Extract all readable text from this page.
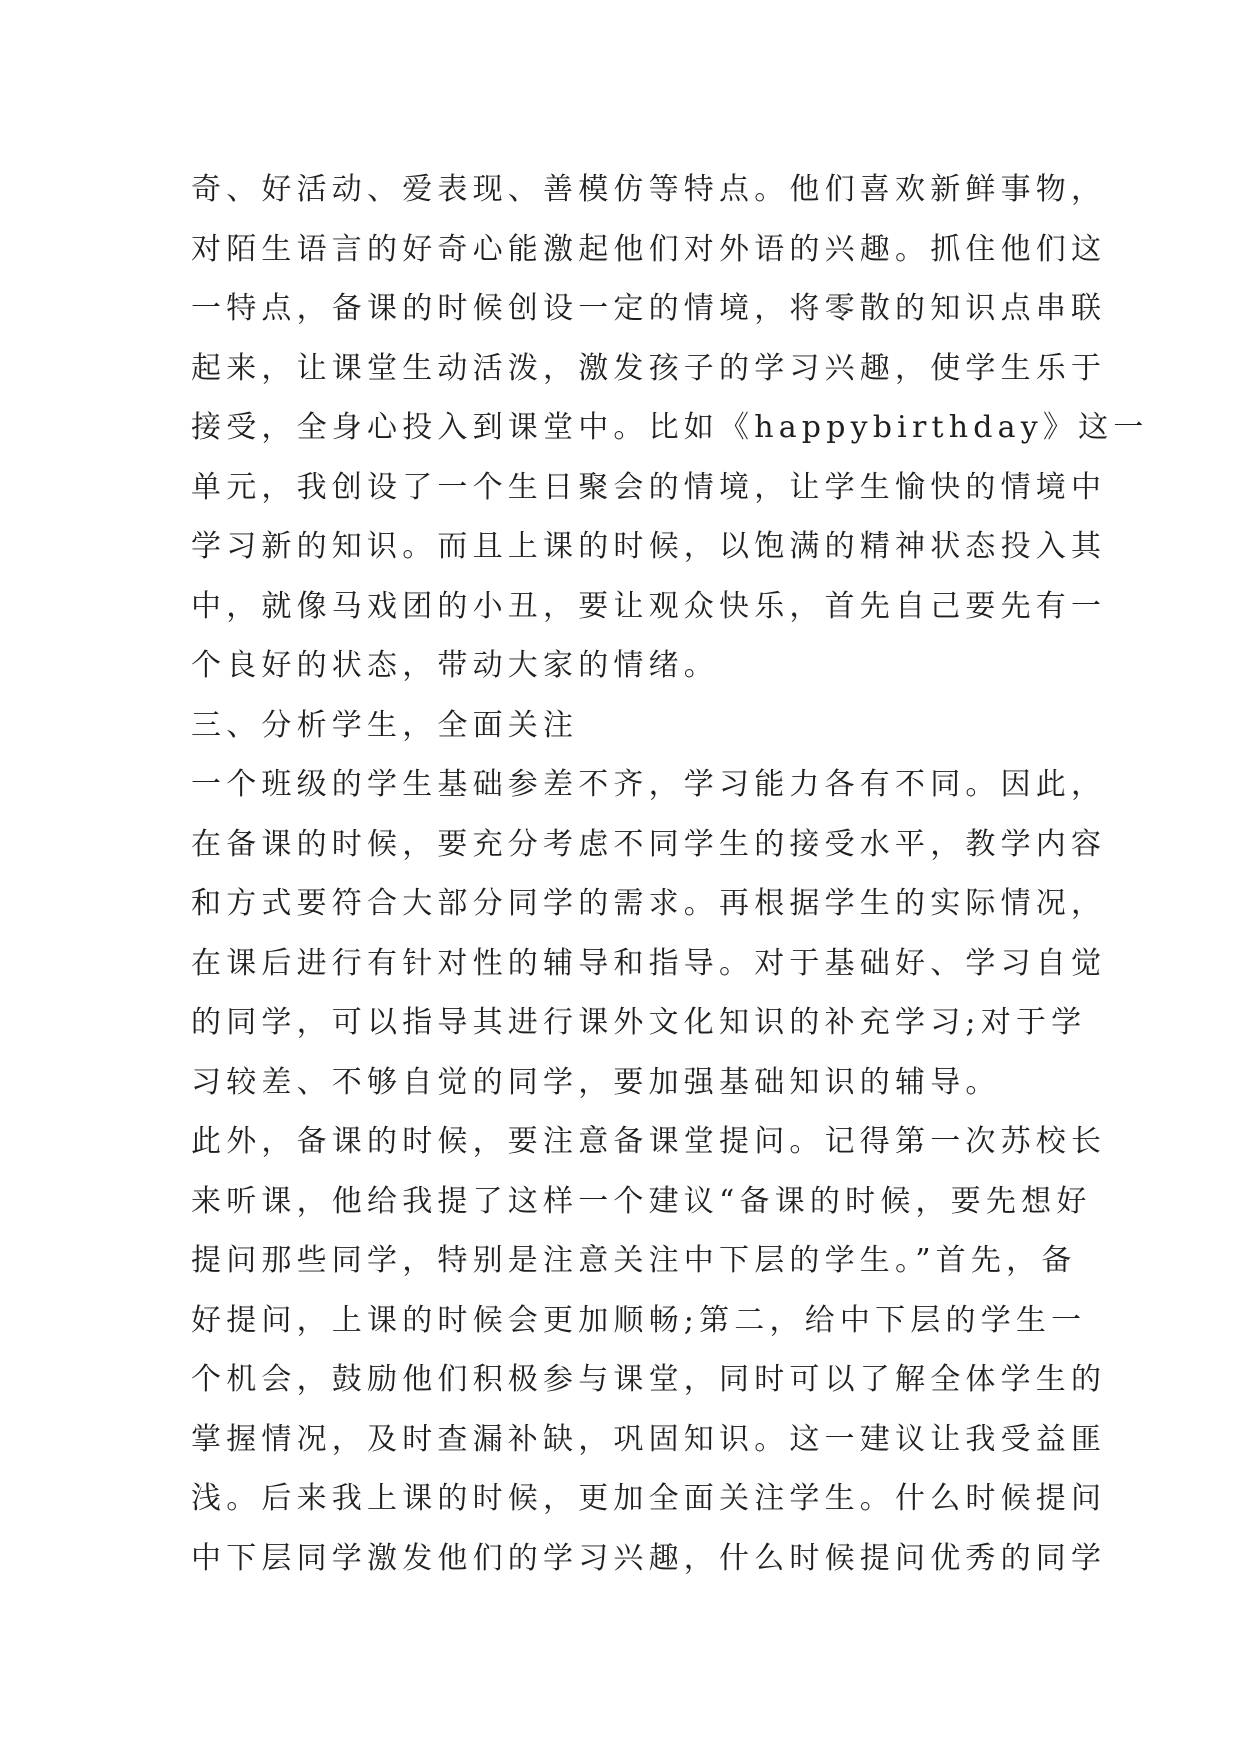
奇、好活动、爱表现、善模仿等特点。他们喜欢新鲜事物，
对陌生语言的好奇心能激起他们对外语的兴趣。抓住他们这
一特点，备课的时候创设一定的情境，将零散的知识点串联
起来，让课堂生动活泼，激发孩子的学习兴趣，使学生乐于
接受，全身心投入到课堂中。比如《happybirthday》这一
单元，我创设了一个生日聚会的情境，让学生愉快的情境中
学习新的知识。而且上课的时候，以饱满的精神状态投入其
中，就像马戏团的小丑，要让观众快乐，首先自己要先有一
个良好的状态，带动大家的情绪。
三、分析学生，全面关注
一个班级的学生基础参差不齐，学习能力各有不同。因此，
在备课的时候，要充分考虑不同学生的接受水平，教学内容
和方式要符合大部分同学的需求。再根据学生的实际情况，
在课后进行有针对性的辅导和指导。对于基础好、学习自觉
的同学，可以指导其进行课外文化知识的补充学习;对于学
习较差、不够自觉的同学，要加强基础知识的辅导。
此外，备课的时候，要注意备课堂提问。记得第一次苏校长
来听课，他给我提了这样一个建议“备课的时候，要先想好
提问那些同学，特别是注意关注中下层的学生。”首先，备
好提问，上课的时候会更加顺畅;第二，给中下层的学生一
个机会，鼓励他们积极参与课堂，同时可以了解全体学生的
掌握情况，及时查漏补缺，巩固知识。这一建议让我受益匪
浅。后来我上课的时候，更加全面关注学生。什么时候提问
中下层同学激发他们的学习兴趣，什么时候提问优秀的同学
